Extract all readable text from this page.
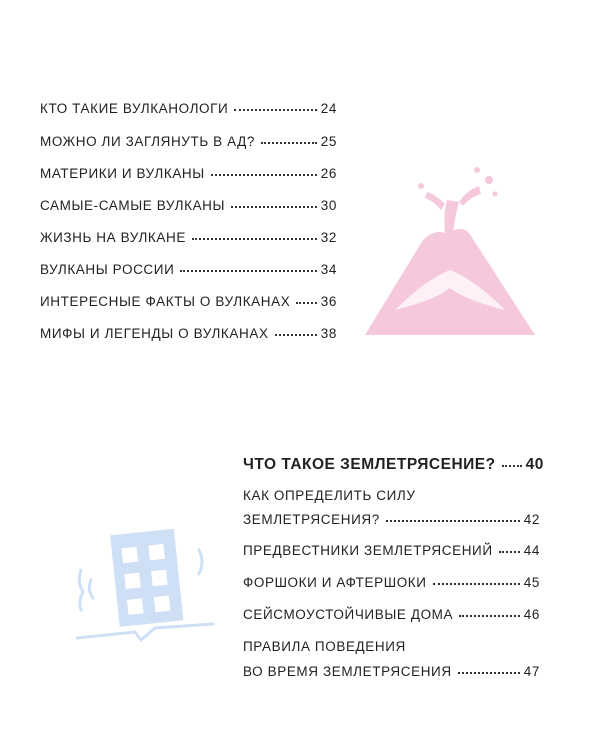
КТО ТАКИЕ ВУЛКАНОЛОГИ	24
МОЖНО ЛИ ЗАГЛЯНУТЬ В АД?	25
МАТЕРИКИ И ВУЛКАНЫ	26
САМЫЕ-САМЫЕ ВУЛКАНЫ	30
ЖИЗНЬ НА ВУЛКАНЕ	32
ВУЛКАНЫ РОССИИ	34
ИНТЕРЕСНЫЕ ФАКТЫ О ВУЛКАНАХ 36
МИФЫ И ЛЕГЕНДЫ О ВУЛКАНАХ	38
ЧТО ТАКОЕ ЗЕМЛЕТРЯСЕНИЕ? 40
КАК ОПРЕДЕЛИТЬ СИЛУ
ЗЕМЛЕТРЯСЕНИЯ?	42
ПРЕДВЕСТНИКИ ЗЕМЛЕТРЯСЕНИЙ 44
ФОРШОКИ И АФТЕРШОКИ	45
СЕЙСМОУСТОЙЧИВЫЕ ДОМА	46
ПРАВИЛА ПОВЕДЕНИЯ
ВО ВРЕМЯ ЗЕМЛЕТРЯСЕНИЯ	47
